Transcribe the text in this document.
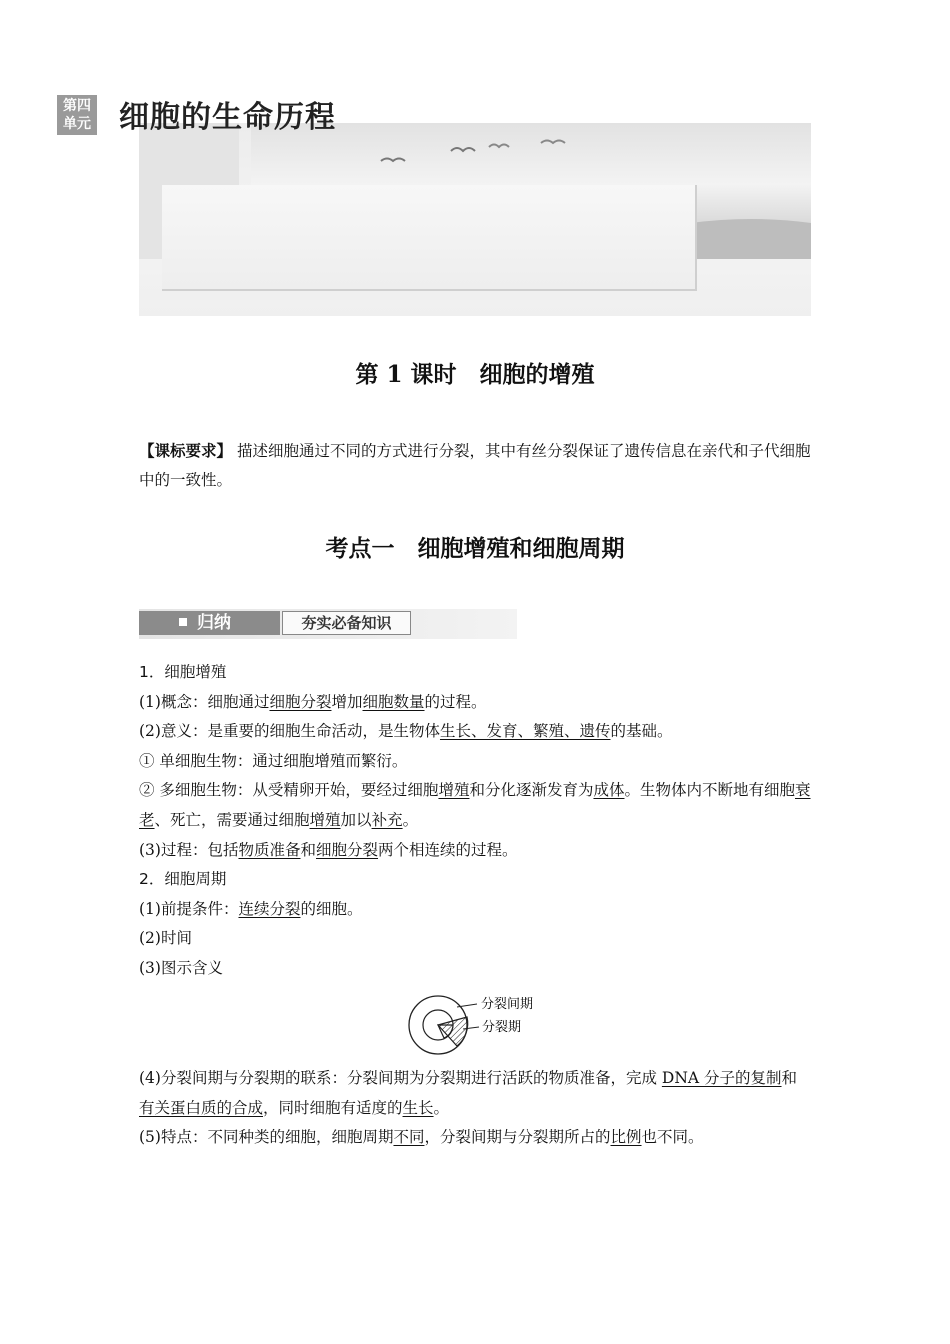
第四
单元 细胞的生命历程
第 1 课时　细胞的增殖
【课标要求】 描述细胞通过不同的方式进行分裂，其中有丝分裂保证了遗传信息在亲代和子代细胞中的一致性。
考点一　细胞增殖和细胞周期
归纳	夯实必备知识

1．细胞增殖

(1)概念：细胞通过细胞分裂增加细胞数量的过程。

(2)意义：是重要的细胞生命活动，是生物体生长、发育、繁殖、遗传的基础。

① 单细胞生物：通过细胞增殖而繁衍。

② 多细胞生物：从受精卵开始，要经过细胞增殖和分化逐渐发育为成体。生物体内不断地有细胞衰老、死亡，需要通过细胞增殖加以补充。

(3)过程：包括物质准备和细胞分裂两个相连续的过程。

2．细胞周期

(1)前提条件：连续分裂的细胞。

(2)时间

(3)图示含义

分裂间期
分裂期

(4)分裂间期与分裂期的联系：分裂间期为分裂期进行活跃的物质准备，完成 DNA 分子的复制和有关蛋白质的合成，同时细胞有适度的生长。

(5)特点：不同种类的细胞，细胞周期不同，分裂间期与分裂期所占的比例也不同。
